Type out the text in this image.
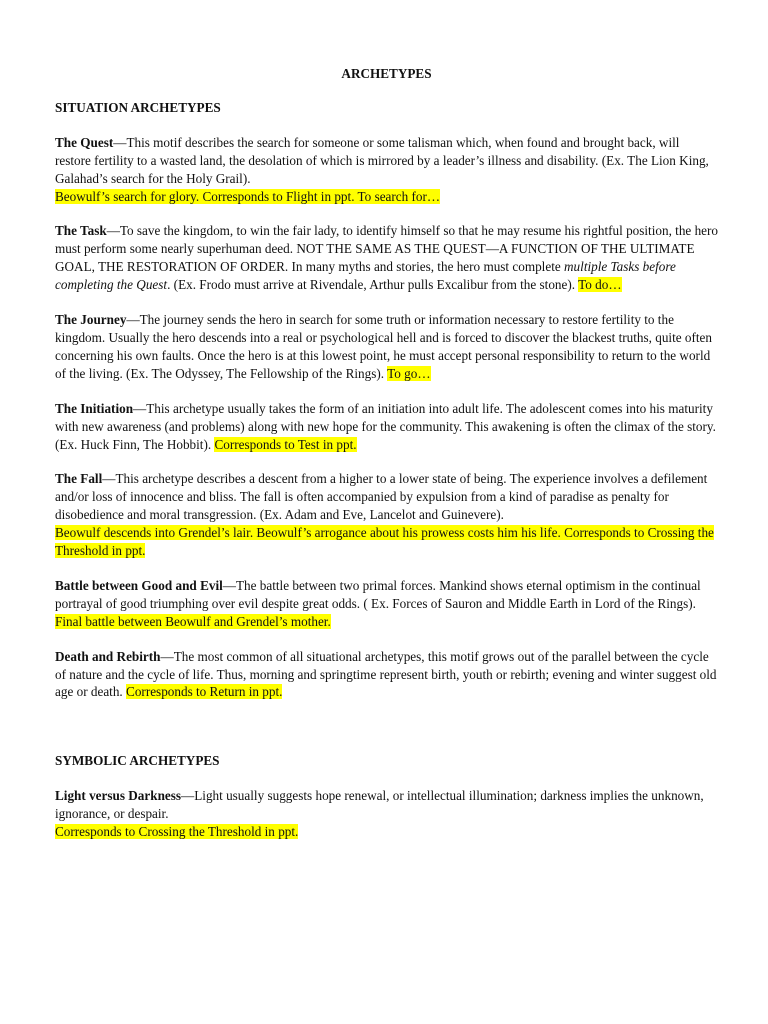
ARCHETYPES
SITUATION ARCHETYPES

The Quest—This motif describes the search for someone or some talisman which, when found and brought back, will restore fertility to a wasted land, the desolation of which is mirrored by a leader’s illness and disability. (Ex. The Lion King, Galahad’s search for the Holy Grail).

Beowulf’s search for glory. Corresponds to Flight in ppt. To search for…

The Task—To save the kingdom, to win the fair lady, to identify himself so that he may resume his rightful position, the hero must perform some nearly superhuman deed. NOT THE SAME AS THE QUEST—A FUNCTION OF THE ULTIMATE GOAL, THE RESTORATION OF ORDER. In many myths and stories, the hero must complete multiple Tasks before completing the Quest. (Ex. Frodo must arrive at Rivendale, Arthur pulls Excalibur from the stone). To do…

The Journey—The journey sends the hero in search for some truth or information necessary to restore fertility to the kingdom. Usually the hero descends into a real or psychological hell and is forced to discover the blackest truths, quite often concerning his own faults. Once the hero is at this lowest point, he must accept personal responsibility to return to the world of the living. (Ex. The Odyssey, The Fellowship of the Rings). To go…

The Initiation—This archetype usually takes the form of an initiation into adult life. The adolescent comes into his maturity with new awareness (and problems) along with new hope for the community. This awakening is often the climax of the story. (Ex. Huck Finn, The Hobbit). Corresponds to Test in ppt.

The Fall—This archetype describes a descent from a higher to a lower state of being. The experience involves a defilement and/or loss of innocence and bliss. The fall is often accompanied by expulsion from a kind of paradise as penalty for disobedience and moral transgression. (Ex. Adam and Eve, Lancelot and Guinevere).

Beowulf descends into Grendel’s lair. Beowulf’s arrogance about his prowess costs him his life. Corresponds to Crossing the Threshold in ppt.

Battle between Good and Evil—The battle between two primal forces. Mankind shows eternal optimism in the continual portrayal of good triumphing over evil despite great odds. ( Ex. Forces of Sauron and Middle Earth in Lord of the Rings).

Final battle between Beowulf and Grendel’s mother.

Death and Rebirth—The most common of all situational archetypes, this motif grows out of the parallel between the cycle of nature and the cycle of life. Thus, morning and springtime represent birth, youth or rebirth; evening and winter suggest old age or death. Corresponds to Return in ppt.

SYMBOLIC ARCHETYPES

Light versus Darkness—Light usually suggests hope renewal, or intellectual illumination; darkness implies the unknown, ignorance, or despair.

Corresponds to Crossing the Threshold in ppt.
